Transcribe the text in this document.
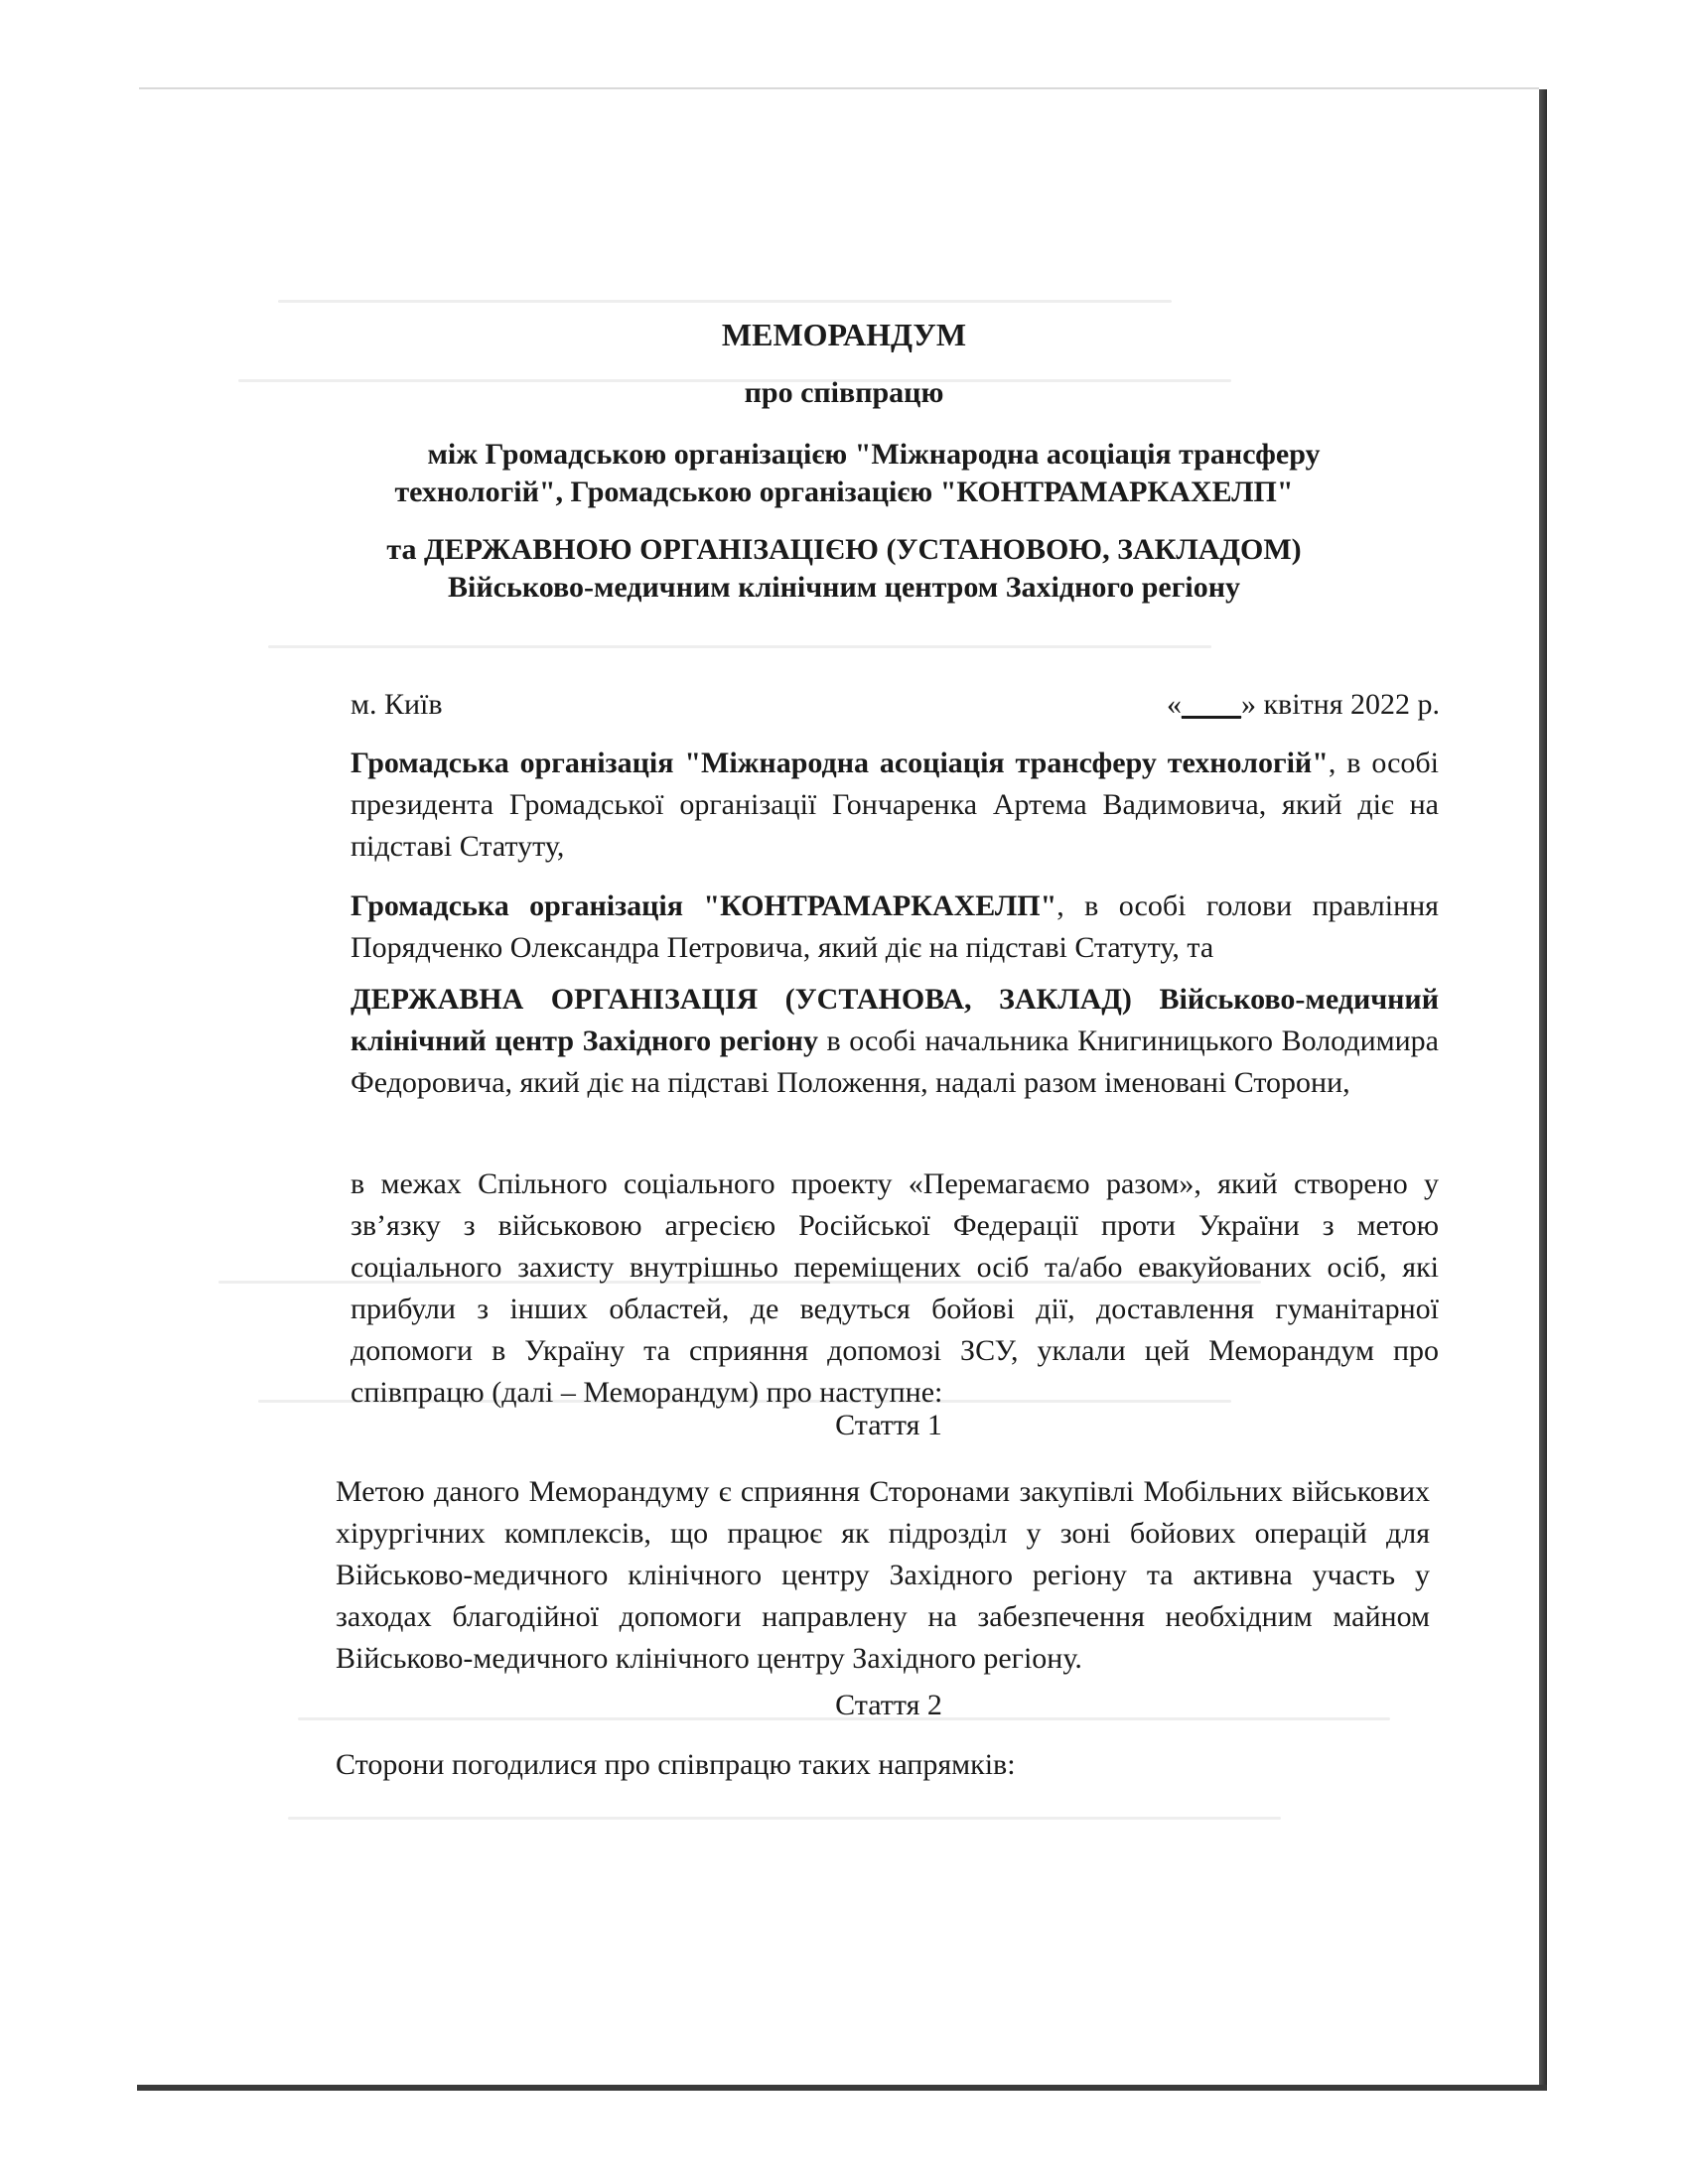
МЕМОРАНДУМ
про співпрацю
між Громадською організацією "Міжнародна асоціація трансферу
технологій", Громадською організацією "КОНТРАМАРКАХЕЛП"
та ДЕРЖАВНОЮ ОРГАНІЗАЦІЄЮ (УСТАНОВОЮ, ЗАКЛАДОМ)
Військово-медичним клінічним центром Західного регіону
м. Київ	«____» квітня 2022 р.

Громадська організація "Міжнародна асоціація трансферу технологій", в особі президента Громадської організації Гончаренка Артема Вадимовича, який діє на підставі Статуту,

Громадська організація "КОНТРАМАРКАХЕЛП", в особі голови правління Порядченко Олександра Петровича, який діє на підставі Статуту, та

ДЕРЖАВНА ОРГАНІЗАЦІЯ (УСТАНОВА, ЗАКЛАД) Військово-медичний клінічний центр Західного регіону в особі начальника Книгиницького Володимира Федоровича, який діє на підставі Положення, надалі разом іменовані Сторони,

в межах Спільного соціального проекту «Перемагаємо разом», який створено у зв’язку з військовою агресією Російської Федерації проти України з метою соціального захисту внутрішньо переміщених осіб та/або евакуйованих осіб, які прибули з інших областей, де ведуться бойові дії, доставлення гуманітарної допомоги в Україну та сприяння допомозі ЗСУ, уклали цей Меморандум про співпрацю (далі – Меморандум) про наступне:

Стаття 1

Метою даного Меморандуму є сприяння Сторонами закупівлі Мобільних військових хірургічних комплексів, що працює як підрозділ у зоні бойових операцій для Військово-медичного клінічного центру Західного регіону та активна участь у заходах благодійної допомоги направлену на забезпечення необхідним майном Військово-медичного клінічного центру Західного регіону.

Стаття 2

Сторони погодилися про співпрацю таких напрямків:
